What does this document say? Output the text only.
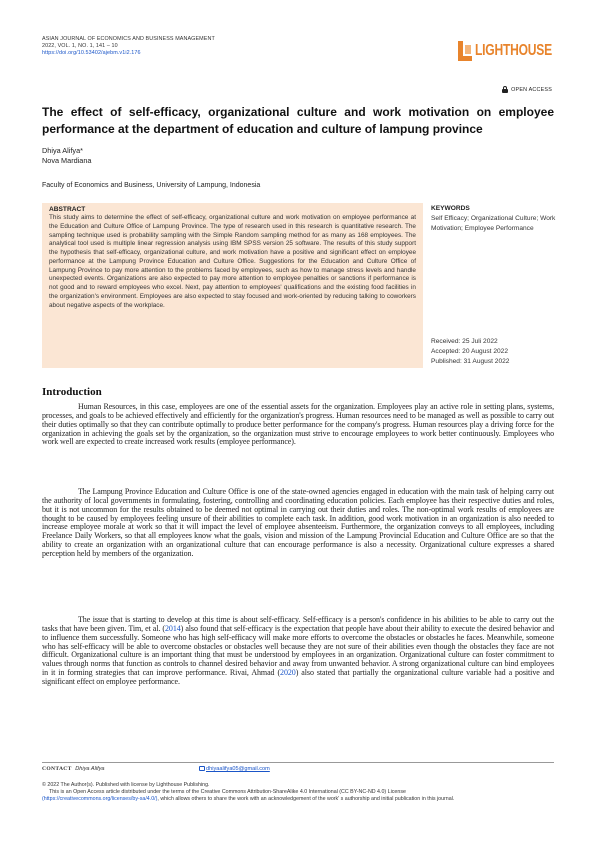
ASIAN JOURNAL OF ECONOMICS AND BUSINESS MANAGEMENT
2022, VOL. 1, NO. 1, 141 – 10
https://doi.org/10.53402/ajebm.v1i2.176	LIGHTHOUSE
OPEN ACCESS
The effect of self-efficacy, organizational culture and work motivation on employee performance at the department of education and culture of lampung province
Dhiya Alifya*
Nova Mardiana
Faculty of Economics and Business, University of Lampung, Indonesia
ABSTRACT
This study aims to determine the effect of self-efficacy, organizational culture and work motivation on employee performance at the Education and Culture Office of Lampung Province. The type of research used in this research is quantitative research. The sampling technique used is probability sampling with the Simple Random sampling method for as many as 168 employees. The analytical tool used is multiple linear regression analysis using IBM SPSS version 25 software. The results of this study support the hypothesis that self-efficacy, organizational culture, and work motivation have a positive and significant effect on employee performance at the Lampung Province Education and Culture Office. Suggestions for the Education and Culture Office of Lampung Province to pay more attention to the problems faced by employees, such as how to manage stress levels and handle unexpected events. Organizations are also expected to pay more attention to employee penalties or sanctions if performance is not good and to reward employees who excel. Next, pay attention to employees' qualifications and the existing food facilities in the organization's environment. Employees are also expected to stay focused and work-oriented by reducing talking to coworkers about negative aspects of the workplace.
KEYWORDS
Self Efficacy; Organizational Culture; Work Motivation; Employee Performance
Received: 25 Juli 2022
Accepted: 20 August 2022
Published: 31 August 2022
Introduction

Human Resources, in this case, employees are one of the essential assets for the organization. Employees play an active role in setting plans, systems, processes, and goals to be achieved effectively and efficiently for the organization's progress. Human resources need to be managed as well as possible to carry out their duties optimally so that they can contribute optimally to produce better performance for the company's progress. Human resources play a driving force for the organization in achieving the goals set by the organization, so the organization must strive to encourage employees to work better continuously. Employees who work well are expected to create increased work results (employee performance).

The Lampung Province Education and Culture Office is one of the state-owned agencies engaged in education with the main task of helping carry out the authority of local governments in formulating, fostering, controlling and coordinating education policies. Each employee has their respective duties and roles, but it is not uncommon for the results obtained to be deemed not optimal in carrying out their duties and roles. The non-optimal work results of employees are thought to be caused by employees feeling unsure of their abilities to complete each task. In addition, good work motivation in an organization is also needed to increase employee morale at work so that it will impact the level of employee absenteeism. Furthermore, the organization conveys to all employees, including Freelance Daily Workers, so that all employees know what the goals, vision and mission of the Lampung Provincial Education and Culture Office are so that the ability to create an organization with an organizational culture that can encourage performance is also a necessity. Organizational culture expresses a shared perception held by members of the organization.

The issue that is starting to develop at this time is about self-efficacy. Self-efficacy is a person's confidence in his abilities to be able to carry out the tasks that have been given. Tim, et al. (2014) also found that self-efficacy is the expectation that people have about their ability to execute the desired behavior and to influence them successfully. Someone who has high self-efficacy will make more efforts to overcome the obstacles or obstacles he faces. Meanwhile, someone who has self-efficacy will be able to overcome obstacles or obstacles well because they are not sure of their abilities even though the obstacles they face are not difficult. Organizational culture is an important thing that must be understood by employees in an organization. Organizational culture can foster commitment to values through norms that function as controls to channel desired behavior and away from unwanted behavior. A strong organizational culture can bind employees in it in forming strategies that can improve performance. Rivai, Ahmad (2020) also stated that partially the organizational culture variable had a positive and significant effect on employee performance.

CONTACT Dhiya Alifya	dhiyaalifya05@gmail.com
© 2022 The Author(s). Published with license by Lighthouse Publishing.
This is an Open Access article distributed under the terms of the Creative Commons Attribution-ShareAlike 4.0 International (CC BY-NC-ND 4.0) License
(https://creativecommons.org/licenses/by-sa/4.0/), which allows others to share the work with an acknowledgement of the work' s authorship and initial publication in this journal.
